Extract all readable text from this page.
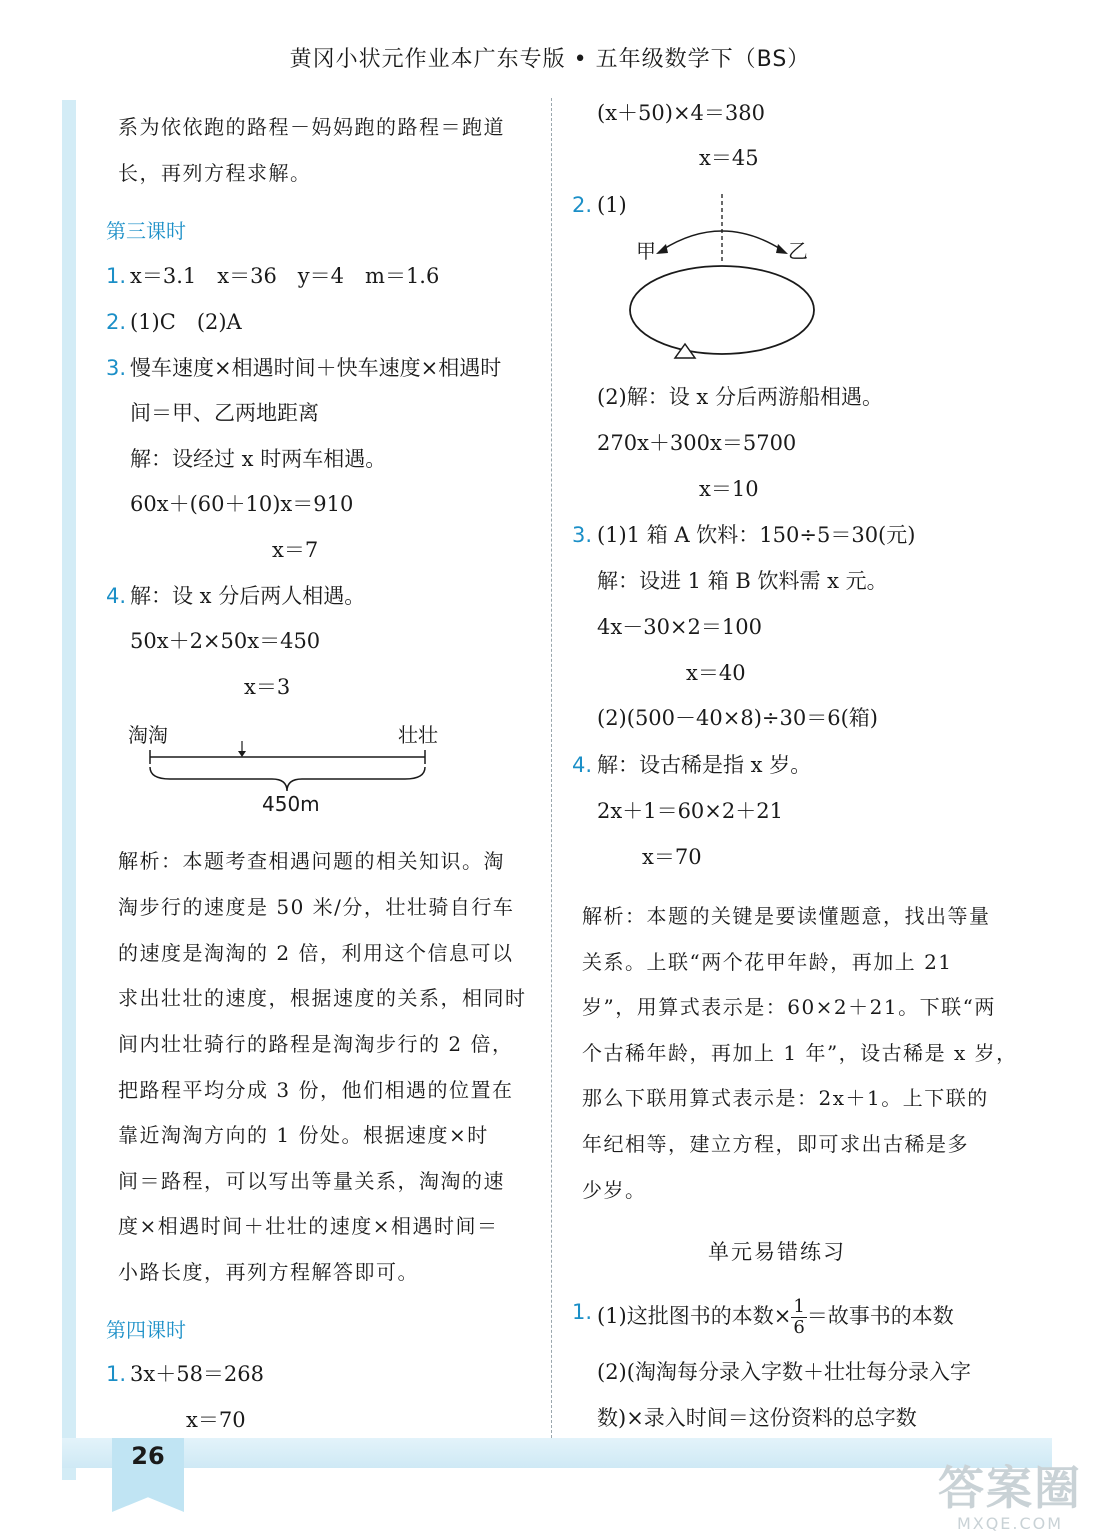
黄冈小状元作业本广东专版 • 五年级数学下（BS）
系为依依跑的路程－妈妈跑的路程＝跑道
长，再列方程求解。
第三课时
1. x＝3.1　x＝36　y＝4　m＝1.6
2. (1)C　(2)A
3. 慢车速度×相遇时间＋快车速度×相遇时
间＝甲、乙两地距离
解：设经过 x 时两车相遇。
60x＋(60＋10)x＝910
x＝7
4. 解：设 x 分后两人相遇。
50x＋2×50x＝450
x＝3
淘淘	壮壮
450m
解析：本题考查相遇问题的相关知识。淘
淘步行的速度是 50 米/分，壮壮骑自行车
的速度是淘淘的 2 倍，利用这个信息可以
求出壮壮的速度，根据速度的关系，相同时
间内壮壮骑行的路程是淘淘步行的 2 倍，
把路程平均分成 3 份，他们相遇的位置在
靠近淘淘方向的 1 份处。根据速度×时
间＝路程，可以写出等量关系，淘淘的速
度×相遇时间＋壮壮的速度×相遇时间＝
小路长度，再列方程解答即可。
第四课时
1. 3x＋58＝268
x＝70
(x＋50)×4＝380
x＝45
2. (1)
甲	乙
(2)解：设 x 分后两游船相遇。
270x＋300x＝5700
x＝10
3. (1)1 箱 A 饮料：150÷5＝30(元)
解：设进 1 箱 B 饮料需 x 元。
4x－30×2＝100
x＝40
(2)(500－40×8)÷30＝6(箱)
4. 解：设古稀是指 x 岁。
2x＋1＝60×2＋21
x＝70
解析：本题的关键是要读懂题意，找出等量
关系。上联“两个花甲年龄，再加上 21
岁”，用算式表示是：60×2＋21。下联“两
个古稀年龄，再加上 1 年”，设古稀是 x 岁，
那么下联用算式表示是：2x＋1。上下联的
年纪相等，建立方程，即可求出古稀是多
少岁。
单元易错练习
1. (1)这批图书的本数× $\frac{1}{6}$ ＝故事书的本数
(2)(淘淘每分录入字数＋壮壮每分录入字
数)×录入时间＝这份资料的总字数
26
答案圈
MXQE.COM
